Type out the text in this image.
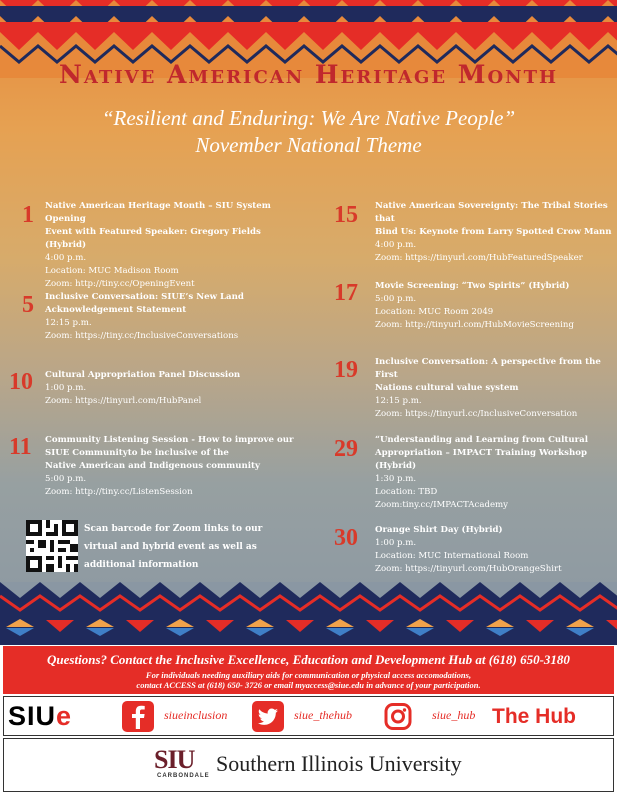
Native American Heritage Month
“Resilient and Enduring: We Are Native People”
November National Theme
1 Native American Heritage Month – SIU System Opening
Event with Featured Speaker: Gregory Fields (Hybrid)
4:00 p.m.
Location: MUC Madison Room
Zoom: http://tiny.cc/OpeningEvent
5 Inclusive Conversation: SIUE’s New Land
Acknowledgement Statement
12:15 p.m.
Zoom: https://tiny.cc/InclusiveConversations
10 Cultural Appropriation Panel Discussion
1:00 p.m.
Zoom: https://tinyurl.com/HubPanel
11 Community Listening Session - How to improve our
SIUE Communityto be inclusive of the
Native American and Indigenous community
5:00 p.m.
Zoom: http://tiny.cc/ListenSession
15 Native American Sovereignty: The Tribal Stories that
Bind Us: Keynote from Larry Spotted Crow Mann
4:00 p.m.
Zoom: https://tinyurl.com/HubFeaturedSpeaker
17 Movie Screening: “Two Spirits” (Hybrid)
5:00 p.m.
Location: MUC Room 2049
Zoom: http://tinyurl.com/HubMovieScreening
19 Inclusive Conversation: A perspective from the First
Nations cultural value system
12:15 p.m.
Zoom: https://tinyurl.cc/InclusiveConversation
29 “Understanding and Learning from Cultural
Appropriation – IMPACT Training Workshop (Hybrid)
1:30 p.m.
Location: TBD
Zoom:tiny.cc/IMPACTAcademy
30 Orange Shirt Day (Hybrid)
1:00 p.m.
Location: MUC International Room
Zoom: https://tinyurl.com/HubOrangeShirt
Scan barcode for Zoom links to our
virtual and hybrid event as well as
additional information
Questions? Contact the Inclusive Excellence, Education and Development Hub at (618) 650-3180
For individuals needing auxiliary aids for communication or physical access accomodations,
contact ACCESS at (618) 650- 3726 or email myaccess@siue.edu in advance of your participation.
SIUe	siueinclusion	siue_thehub	siue_hub The Hub
SIU
CARBONDALE Southern Illinois University
